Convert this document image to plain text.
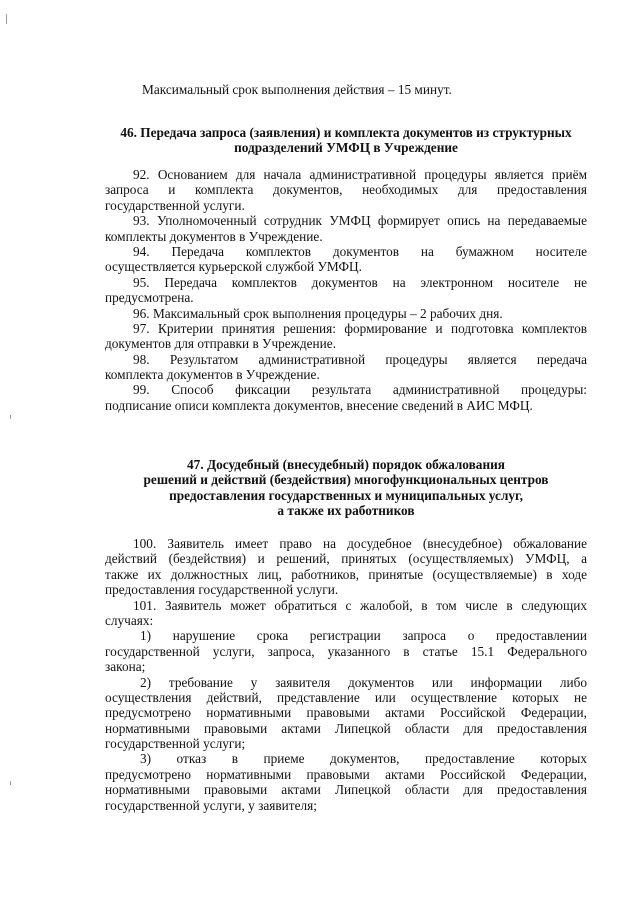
Максимальный срок выполнения действия – 15 минут.
46. Передача запроса (заявления) и комплекта документов из структурных
подразделений УМФЦ в Учреждение
92. Основанием для начала административной процедуры является приём
запроса и комплекта документов, необходимых для предоставления
государственной услуги.
93. Уполномоченный сотрудник УМФЦ формирует опись на передаваемые
комплекты документов в Учреждение.
94. Передача комплектов документов на бумажном носителе
осуществляется курьерской службой УМФЦ.
95. Передача комплектов документов на электронном носителе не
предусмотрена.
96. Максимальный срок выполнения процедуры – 2 рабочих дня.
97. Критерии принятия решения: формирование и подготовка комплектов
документов для отправки в Учреждение.
98. Результатом административной процедуры является передача
комплекта документов в Учреждение.
99. Способ фиксации результата административной процедуры:
подписание описи комплекта документов, внесение сведений в АИС МФЦ.
47. Досудебный (внесудебный) порядок обжалования
решений и действий (бездействия) многофункциональных центров
предоставления государственных и муниципальных услуг,
а также их работников
100. Заявитель имеет право на досудебное (внесудебное) обжалование
действий (бездействия) и решений, принятых (осуществляемых) УМФЦ, а
также их должностных лиц, работников, принятые (осуществляемые) в ходе
предоставления государственной услуги.
101. Заявитель может обратиться с жалобой, в том числе в следующих
случаях:
1) нарушение срока регистрации запроса о предоставлении
государственной услуги, запроса, указанного в статье 15.1 Федерального
закона;
2) требование у заявителя документов или информации либо
осуществления действий, представление или осуществление которых не
предусмотрено нормативными правовыми актами Российской Федерации,
нормативными правовыми актами Липецкой области для предоставления
государственной услуги;
3) отказ в приеме документов, предоставление которых
предусмотрено нормативными правовыми актами Российской Федерации,
нормативными правовыми актами Липецкой области для предоставления
государственной услуги, у заявителя;
